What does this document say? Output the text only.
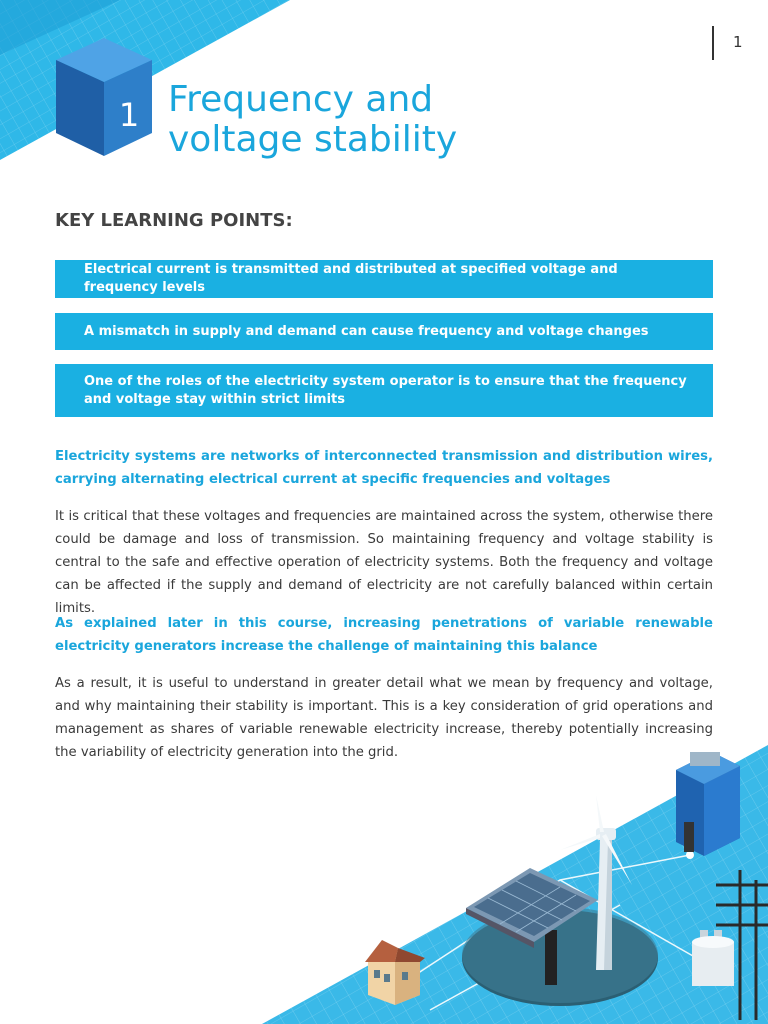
1
1
Frequency and
voltage stability
KEY LEARNING POINTS:
Electrical current is transmitted and distributed at specified voltage and frequency levels
A mismatch in supply and demand can cause frequency and voltage changes
One of the roles of the electricity system operator is to ensure that the frequency and voltage stay within strict limits

Electricity systems are networks of interconnected transmission and distribution wires, carrying alternating electrical current at specific frequencies and voltages

It is critical that these voltages and frequencies are maintained across the system, otherwise there could be damage and loss of transmission. So maintaining frequency and voltage stability is central to the safe and effective operation of electricity systems. Both the frequency and voltage can be affected if the supply and demand of electricity are not carefully balanced within certain limits.

As explained later in this course, increasing penetrations of variable renewable electricity generators increase the challenge of maintaining this balance

As a result, it is useful to understand in greater detail what we mean by frequency and voltage, and why maintaining their stability is important. This is a key consideration of grid operations and management as shares of variable renewable electricity increase, thereby potentially increasing the variability of electricity generation into the grid.
